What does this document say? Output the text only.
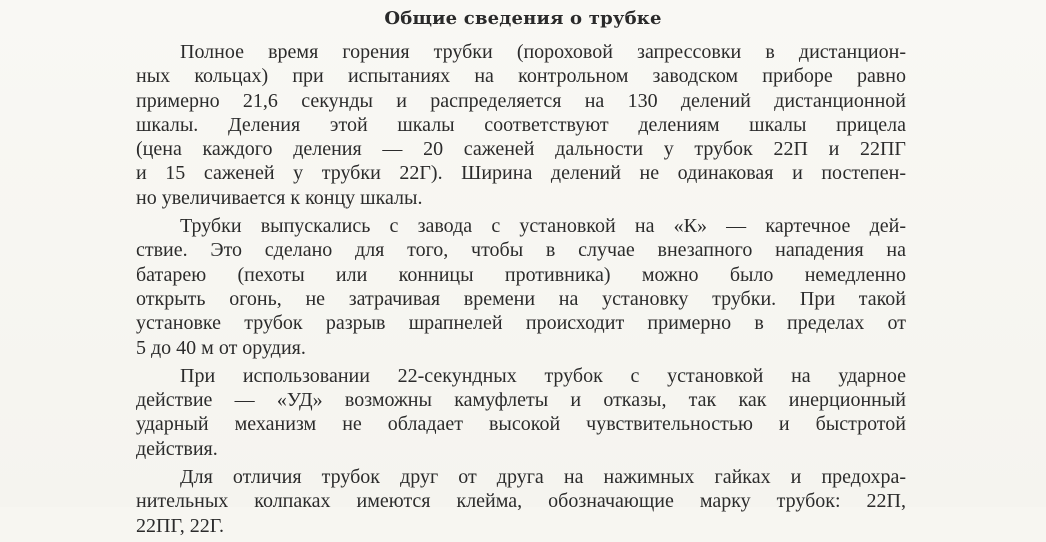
Общие сведения о трубке
Полное время горения трубки (пороховой запрессовки в дистанцион-
ных кольцах) при испытаниях на контрольном заводском приборе равно
примерно 21,6 секунды и распределяется на 130 делений дистанционной
шкалы. Деления этой шкалы соответствуют делениям шкалы прицела
(цена каждого деления — 20 саженей дальности у трубок 22П и 22ПГ
и 15 саженей у трубки 22Г). Ширина делений не одинаковая и постепен-
но увеличивается к концу шкалы.
Трубки выпускались с завода с установкой на «К» — картечное дей-
ствие. Это сделано для того, чтобы в случае внезапного нападения на
батарею (пехоты или конницы противника) можно было немедленно
открыть огонь, не затрачивая времени на установку трубки. При такой
установке трубок разрыв шрапнелей происходит примерно в пределах от
5 до 40 м от орудия.
При использовании 22-секундных трубок с установкой на ударное
действие — «УД» возможны камуфлеты и отказы, так как инерционный
ударный механизм не обладает высокой чувствительностью и быстротой
действия.
Для отличия трубок друг от друга на нажимных гайках и предохра-
нительных колпаках имеются клейма, обозначающие марку трубок: 22П,
22ПГ, 22Г.
